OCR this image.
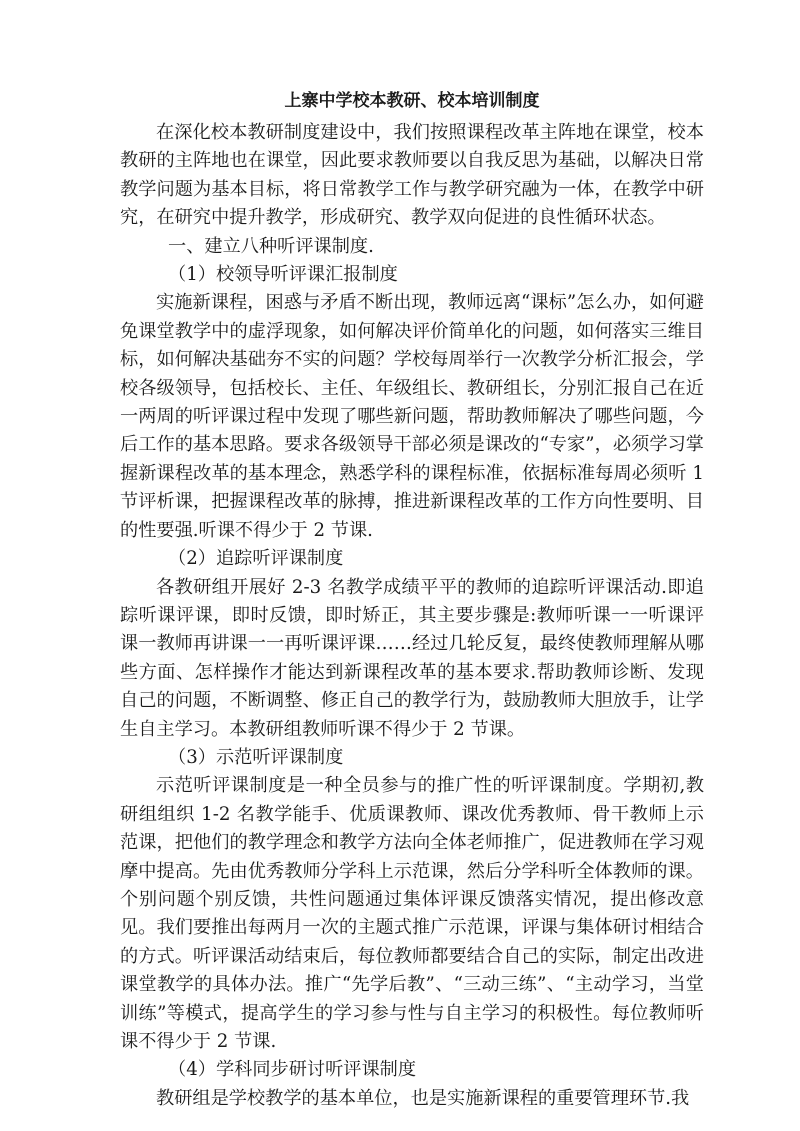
上寨中学校本教研、校本培训制度

在深化校本教研制度建设中，我们按照课程改革主阵地在课堂，校本教研的主阵地也在课堂，因此要求教师要以自我反思为基础，以解决日常教学问题为基本目标，将日常教学工作与教学研究融为一体，在教学中研究，在研究中提升教学，形成研究、教学双向促进的良性循环状态。

一、建立八种听评课制度.

（1）校领导听评课汇报制度

实施新课程，困惑与矛盾不断出现，教师远离“课标”怎么办，如何避免课堂教学中的虚浮现象，如何解决评价简单化的问题，如何落实三维目标，如何解决基础夯不实的问题？学校每周举行一次教学分析汇报会，学校各级领导，包括校长、主任、年级组长、教研组长，分别汇报自己在近一两周的听评课过程中发现了哪些新问题，帮助教师解决了哪些问题，今后工作的基本思路。要求各级领导干部必须是课改的“专家”，必须学习掌握新课程改革的基本理念，熟悉学科的课程标准，依据标准每周必须听 1 节评析课，把握课程改革的脉搏，推进新课程改革的工作方向性要明、目的性要强.听课不得少于 2 节课.

（2）追踪听评课制度

各教研组开展好 2-3 名教学成绩平平的教师的追踪听评课活动.即追踪听课评课，即时反馈，即时矫正，其主要步骤是:教师听课一一听课评课一教师再讲课一一再听课评课……经过几轮反复，最终使教师理解从哪些方面、怎样操作才能达到新课程改革的基本要求.帮助教师诊断、发现自己的问题，不断调整、修正自己的教学行为，鼓励教师大胆放手，让学生自主学习。本教研组教师听课不得少于 2 节课。

（3）示范听评课制度

示范听评课制度是一种全员参与的推广性的听评课制度。学期初,教研组组织 1-2 名教学能手、优质课教师、课改优秀教师、骨干教师上示范课，把他们的教学理念和教学方法向全体老师推广，促进教师在学习观摩中提高。先由优秀教师分学科上示范课，然后分学科听全体教师的课。个别问题个别反馈，共性问题通过集体评课反馈落实情况，提出修改意见。我们要推出每两月一次的主题式推广示范课，评课与集体研讨相结合的方式。听评课活动结束后，每位教师都要结合自己的实际，制定出改进课堂教学的具体办法。推广“先学后教”、“三动三练”、“主动学习，当堂训练”等模式，提高学生的学习参与性与自主学习的积极性。每位教师听课不得少于 2 节课.

（4）学科同步研讨听评课制度

教研组是学校教学的基本单位，也是实施新课程的重要管理环节.我
